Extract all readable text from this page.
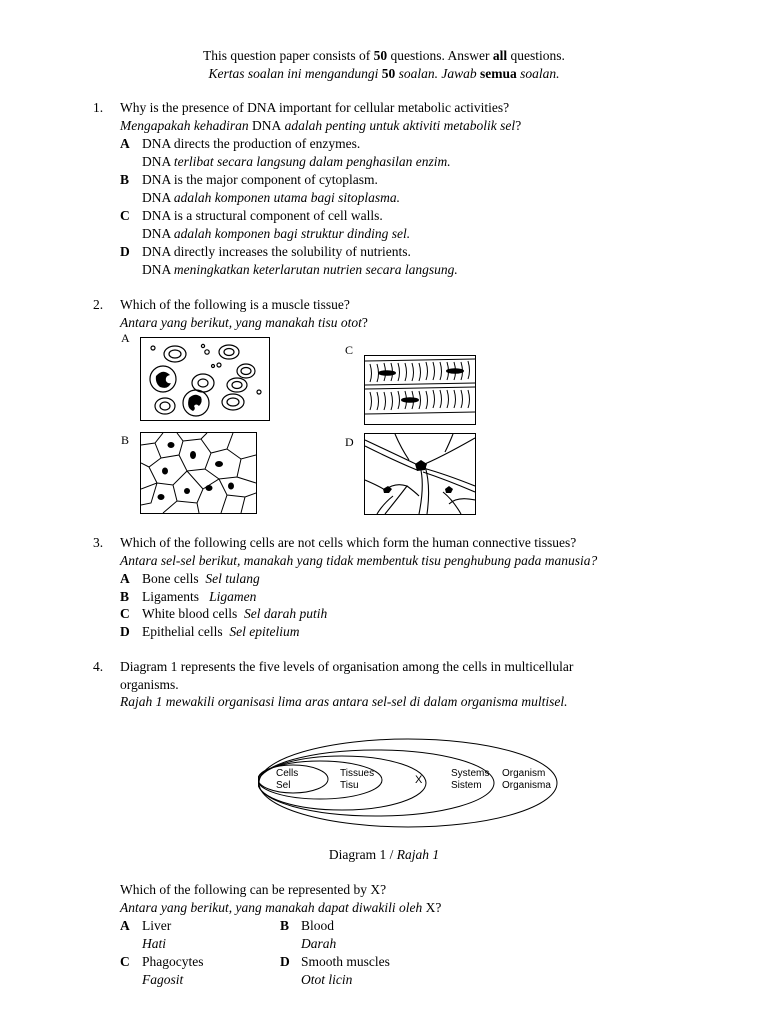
This question paper consists of 50 questions. Answer all questions.
Kertas soalan ini mengandungi 50 soalan. Jawab semua soalan.
1. Why is the presence of DNA important for cellular metabolic activities?
Mengapakah kehadiran DNA adalah penting untuk aktiviti metabolik sel?
A DNA directs the production of enzymes.
DNA terlibat secara langsung dalam penghasilan enzim.
B DNA is the major component of cytoplasm.
DNA adalah komponen utama bagi sitoplasma.
C DNA is a structural component of cell walls.
DNA adalah komponen bagi struktur dinding sel.
D DNA directly increases the solubility of nutrients.
DNA meningkatkan keterlarutan nutrien secara langsung.
2. Which of the following is a muscle tissue?
Antara yang berikut, yang manakah tisu otot?
A
C
B	D
3. Which of the following cells are not cells which form the human connective tissues?
Antara sel-sel berikut, manakah yang tidak membentuk tisu penghubung pada manusia?
A Bone cells Sel tulang
B Ligaments Ligamen
C White blood cells Sel darah putih
D Epithelial cells Sel epitelium
4. Diagram 1 represents the five levels of organisation among the cells in multicellular
organisms.
Rajah 1 mewakili organisasi lima aras antara sel-sel di dalam organisma multisel.
Cells
Sel
Tissues
Tisu	X
Systems
Sistem
Organism
Organisma
Diagram 1 / Rajah 1
Which of the following can be represented by X?
Antara yang berikut, yang manakah dapat diwakili oleh X?
A Liver
Hati
B Blood
Darah
C Phagocytes
Fagosit
D Smooth muscles
Otot licin
